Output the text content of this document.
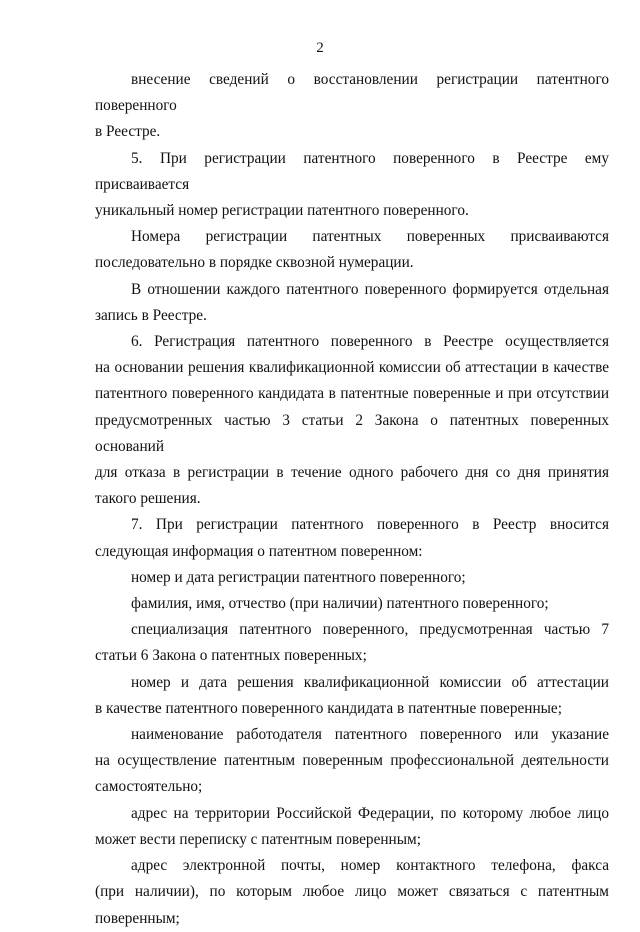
2
внесение сведений о восстановлении регистрации патентного поверенного
в Реестре.
5. При регистрации патентного поверенного в Реестре ему присваивается
уникальный номер регистрации патентного поверенного.
Номера регистрации патентных поверенных присваиваются
последовательно в порядке сквозной нумерации.
В отношении каждого патентного поверенного формируется отдельная
запись в Реестре.
6. Регистрация патентного поверенного в Реестре осуществляется
на основании решения квалификационной комиссии об аттестации в качестве
патентного поверенного кандидата в патентные поверенные и при отсутствии
предусмотренных частью 3 статьи 2 Закона о патентных поверенных оснований
для отказа в регистрации в течение одного рабочего дня со дня принятия
такого решения.
7. При регистрации патентного поверенного в Реестр вносится
следующая информация о патентном поверенном:
номер и дата регистрации патентного поверенного;
фамилия, имя, отчество (при наличии) патентного поверенного;
специализация патентного поверенного, предусмотренная частью 7
статьи 6 Закона о патентных поверенных;
номер и дата решения квалификационной комиссии об аттестации
в качестве патентного поверенного кандидата в патентные поверенные;
наименование работодателя патентного поверенного или указание
на осуществление патентным поверенным профессиональной деятельности
самостоятельно;
адрес на территории Российской Федерации, по которому любое лицо
может вести переписку с патентным поверенным;
адрес электронной почты, номер контактного телефона, факса
(при наличии), по которым любое лицо может связаться с патентным
поверенным;
